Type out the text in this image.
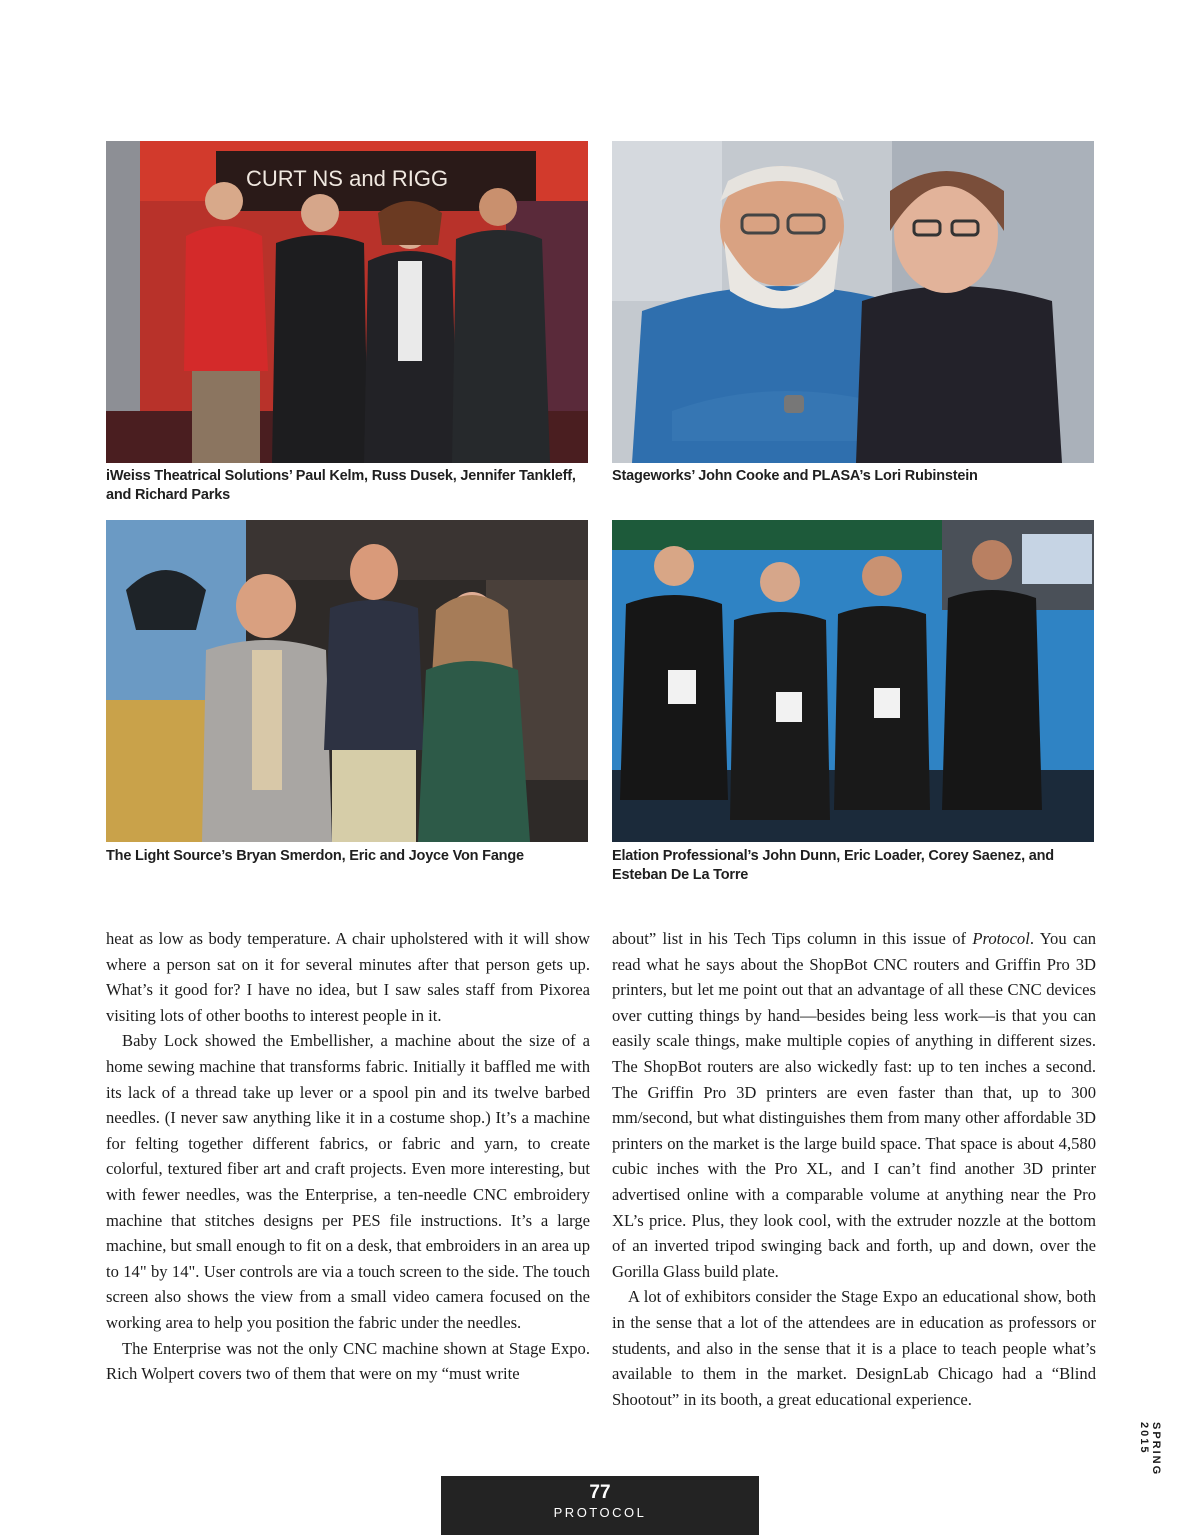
CURT NS and RIGG
iWeiss Theatrical Solutions’ Paul Kelm, Russ Dusek, Jennifer Tankleff, and Richard Parks
Stageworks’ John Cooke and PLASA’s Lori Rubinstein
The Light Source’s Bryan Smerdon, Eric and Joyce Von Fange	Elation Professional’s John Dunn, Eric Loader, Corey Saenez, and Esteban De La Torre

heat as low as body temperature. A chair upholstered with it will show where a person sat on it for several minutes after that person gets up. What’s it good for? I have no idea, but I saw sales staff from Pixorea visiting lots of other booths to interest people in it.

Baby Lock showed the Embellisher, a machine about the size of a home sewing machine that transforms fabric. Initially it baffled me with its lack of a thread take up lever or a spool pin and its twelve barbed needles. (I never saw anything like it in a costume shop.) It’s a machine for felting together different fabrics, or fabric and yarn, to create colorful, textured fiber art and craft projects. Even more interesting, but with fewer needles, was the Enterprise, a ten-needle CNC embroidery machine that stitches designs per PES file instructions. It’s a large machine, but small enough to fit on a desk, that embroiders in an area up to 14" by 14". User controls are via a touch screen to the side. The touch screen also shows the view from a small video camera focused on the working area to help you position the fabric under the needles.

The Enterprise was not the only CNC machine shown at Stage Expo. Rich Wolpert covers two of them that were on my “must write

about” list in his Tech Tips column in this issue of Protocol. You can read what he says about the ShopBot CNC routers and Griffin Pro 3D printers, but let me point out that an advantage of all these CNC devices over cutting things by hand—besides being less work—is that you can easily scale things, make multiple copies of anything in different sizes. The ShopBot routers are also wickedly fast: up to ten inches a second. The Griffin Pro 3D printers are even faster than that, up to 300 mm/second, but what distinguishes them from many other affordable 3D printers on the market is the large build space. That space is about 4,580 cubic inches with the Pro XL, and I can’t find another 3D printer advertised online with a comparable volume at anything near the Pro XL’s price. Plus, they look cool, with the extruder nozzle at the bottom of an inverted tripod swinging back and forth, up and down, over the Gorilla Glass build plate.

A lot of exhibitors consider the Stage Expo an educational show, both in the sense that a lot of the attendees are in education as professors or students, and also in the sense that it is a place to teach people what’s available to them in the market. DesignLab Chicago had a “Blind Shootout” in its booth, a great educational experience.

SPRING 2015
77
PROTOCOL
